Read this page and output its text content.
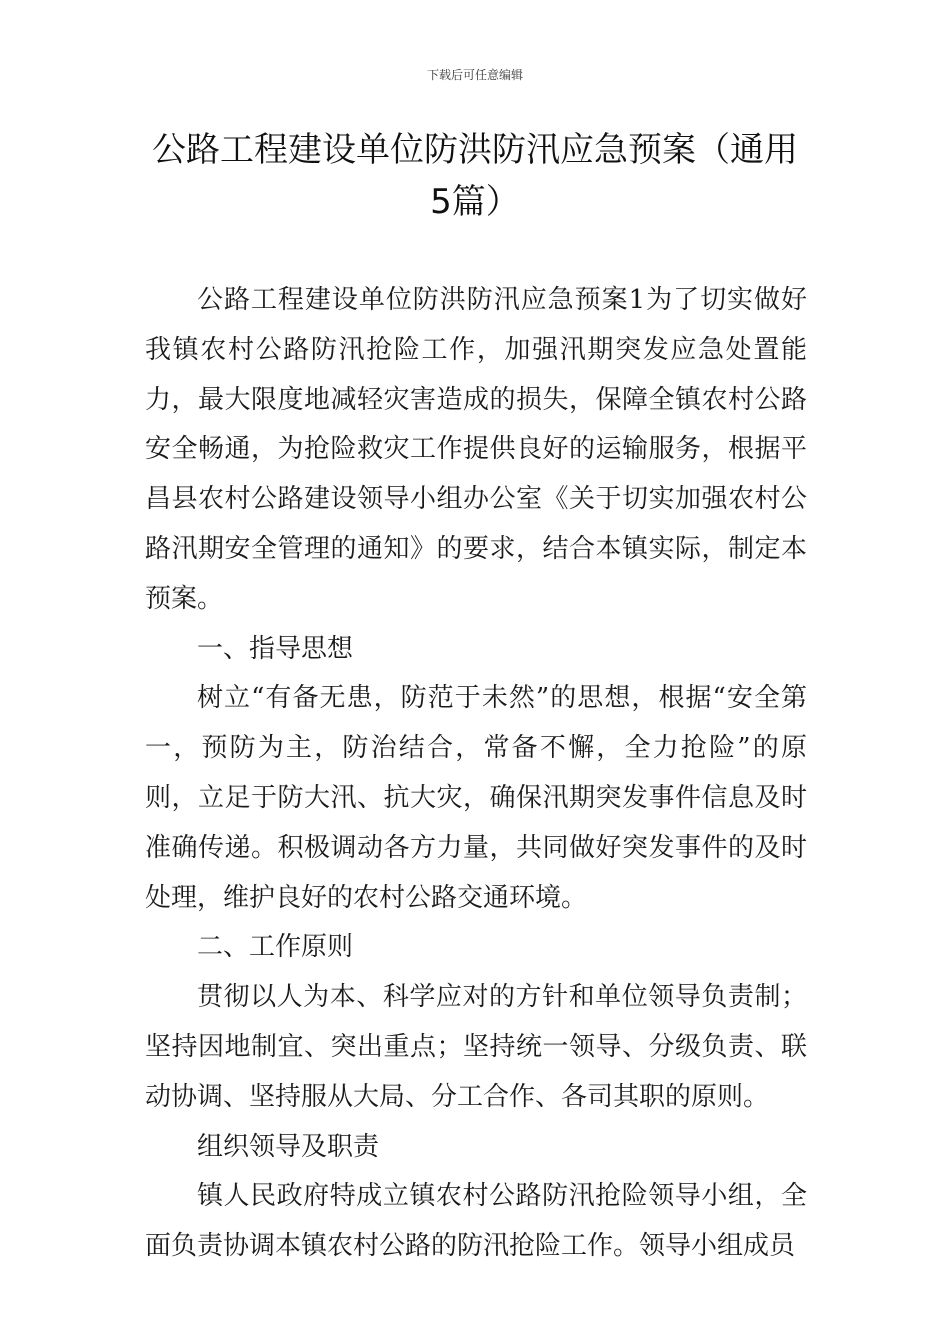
下载后可任意编辑
公路工程建设单位防洪防汛应急预案（通用5篇）

公路工程建设单位防洪防汛应急预案1为了切实做好我镇农村公路防汛抢险工作，加强汛期突发应急处置能力，最大限度地减轻灾害造成的损失，保障全镇农村公路安全畅通，为抢险救灾工作提供良好的运输服务，根据平昌县农村公路建设领导小组办公室《关于切实加强农村公路汛期安全管理的通知》的要求，结合本镇实际，制定本预案。

一、指导思想

树立“有备无患，防范于未然”的思想，根据“安全第一，预防为主，防治结合，常备不懈，全力抢险”的原则，立足于防大汛、抗大灾，确保汛期突发事件信息及时准确传递。积极调动各方力量，共同做好突发事件的及时处理，维护良好的农村公路交通环境。

二、工作原则

贯彻以人为本、科学应对的方针和单位领导负责制；坚持因地制宜、突出重点；坚持统一领导、分级负责、联动协调、坚持服从大局、分工合作、各司其职的原则。

组织领导及职责

镇人民政府特成立镇农村公路防汛抢险领导小组，全面负责协调本镇农村公路的防汛抢险工作。领导小组成员
